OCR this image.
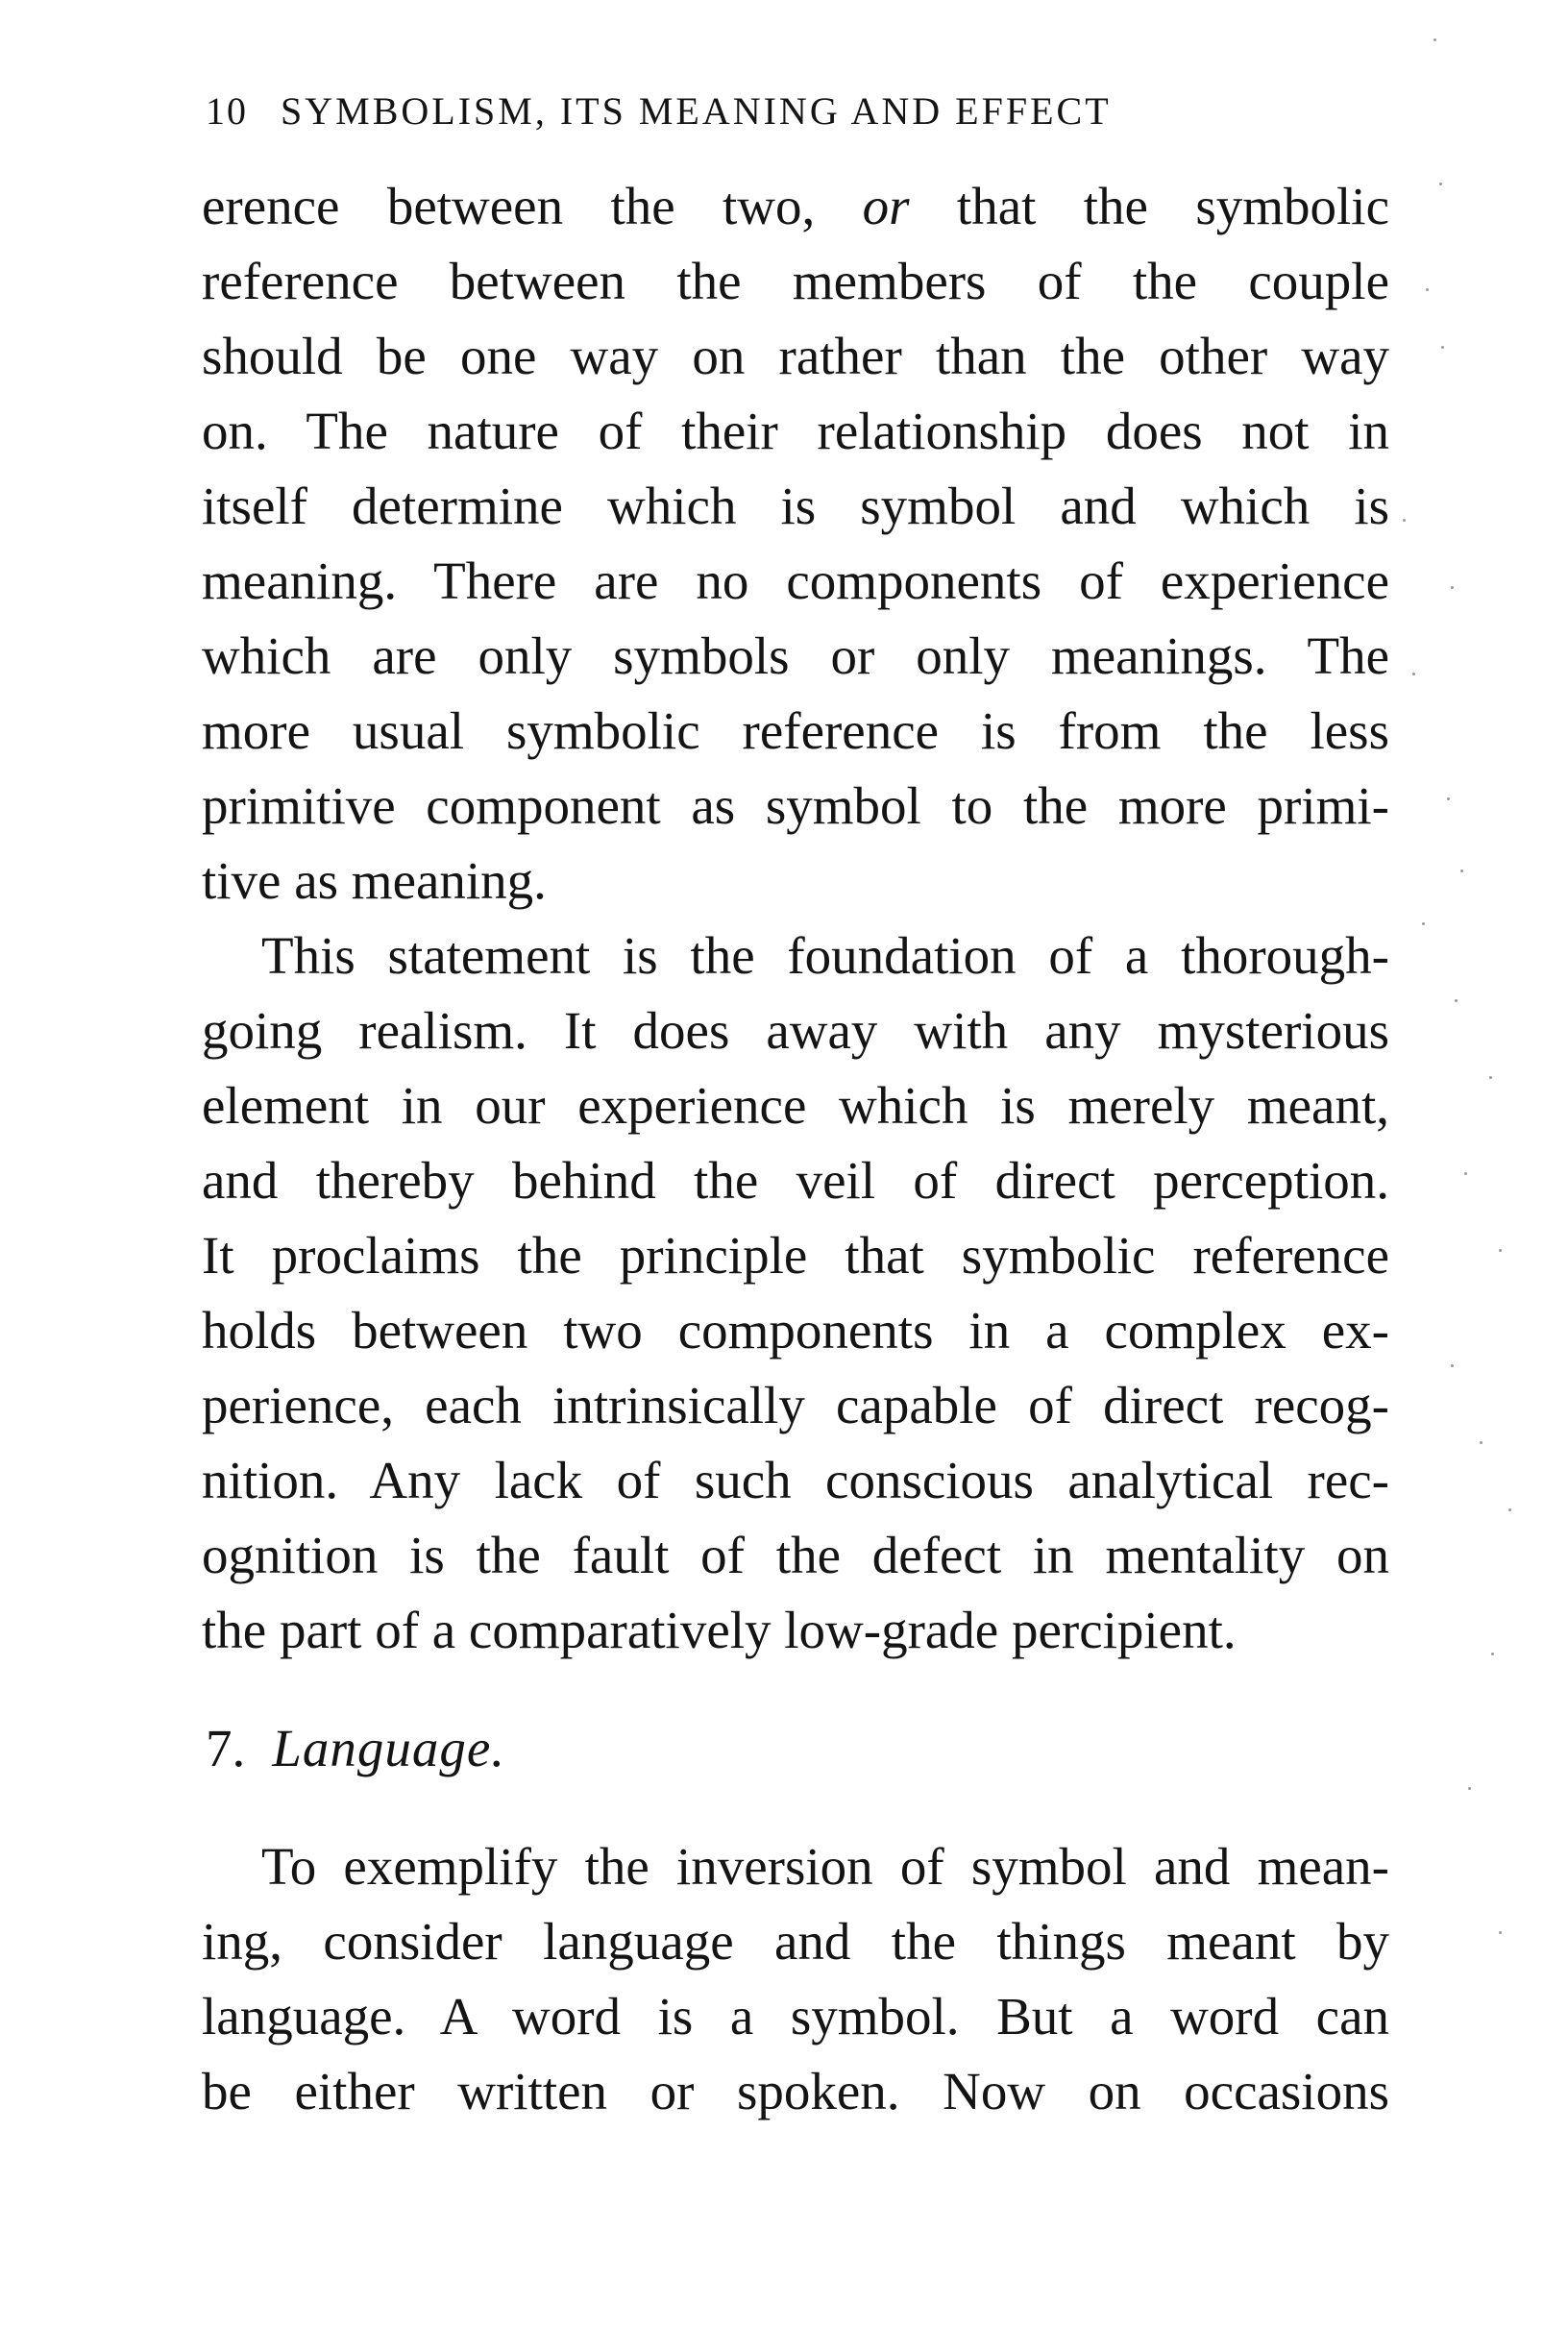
10 SYMBOLISM, ITS MEANING AND EFFECT
erence between the two, or that the symbolic
reference between the members of the couple
should be one way on rather than the other way
on. The nature of their relationship does not in
itself determine which is symbol and which is
meaning. There are no components of experience
which are only symbols or only meanings. The
more usual symbolic reference is from the less
primitive component as symbol to the more primi-
tive as meaning.
This statement is the foundation of a thorough-
going realism. It does away with any mysterious
element in our experience which is merely meant,
and thereby behind the veil of direct perception.
It proclaims the principle that symbolic reference
holds between two components in a complex ex-
perience, each intrinsically capable of direct recog-
nition. Any lack of such conscious analytical rec-
ognition is the fault of the defect in mentality on
the part of a comparatively low-grade percipient.
7. Language.
To exemplify the inversion of symbol and mean-
ing, consider language and the things meant by
language. A word is a symbol. But a word can
be either written or spoken. Now on occasions
